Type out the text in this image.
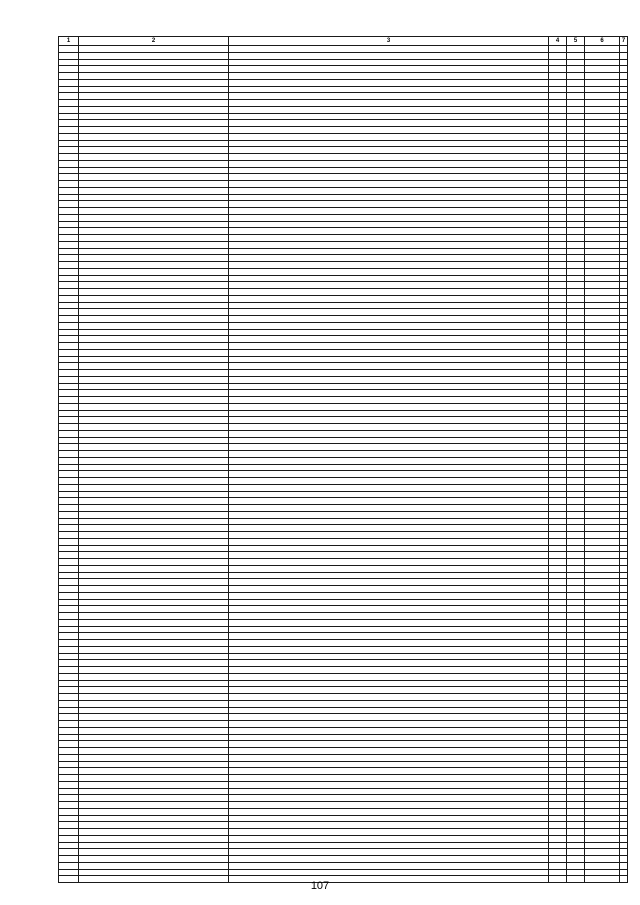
1	2	3	4	5	6	7

107
